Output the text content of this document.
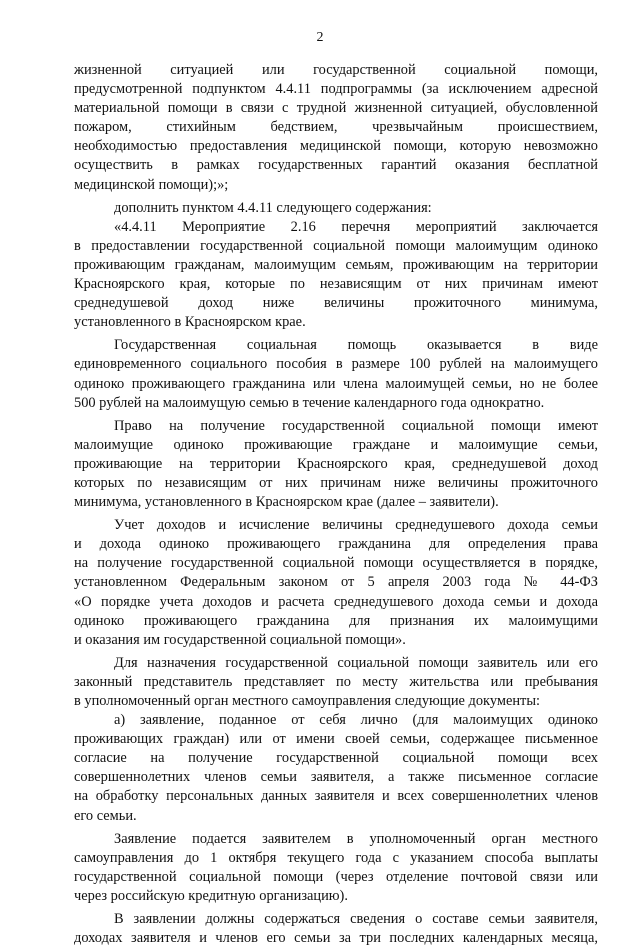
2
жизненной ситуацией или государственной социальной помощи,
предусмотренной подпунктом 4.4.11 подпрограммы (за исключением адресной
материальной помощи в связи с трудной жизненной ситуацией, обусловленной
пожаром, стихийным бедствием, чрезвычайным происшествием,
необходимостью предоставления медицинской помощи, которую невозможно
осуществить в рамках государственных гарантий оказания бесплатной
медицинской помощи);»;
дополнить пунктом 4.4.11 следующего содержания:
«4.4.11 Мероприятие 2.16 перечня мероприятий заключается
в предоставлении государственной социальной помощи малоимущим одиноко
проживающим гражданам, малоимущим семьям, проживающим на территории
Красноярского края, которые по независящим от них причинам имеют
среднедушевой доход ниже величины прожиточного минимума,
установленного в Красноярском крае.
Государственная социальная помощь оказывается в виде
единовременного социального пособия в размере 100 рублей на малоимущего
одиноко проживающего гражданина или члена малоимущей семьи, но не более
500 рублей на малоимущую семью в течение календарного года однократно.
Право на получение государственной социальной помощи имеют
малоимущие одиноко проживающие граждане и малоимущие семьи,
проживающие на территории Красноярского края, среднедушевой доход
которых по независящим от них причинам ниже величины прожиточного
минимума, установленного в Красноярском крае (далее – заявители).
Учет доходов и исчисление величины среднедушевого дохода семьи
и дохода одиноко проживающего гражданина для определения права
на получение государственной социальной помощи осуществляется в порядке,
установленном Федеральным законом от 5 апреля 2003 года № 44-ФЗ
«О порядке учета доходов и расчета среднедушевого дохода семьи и дохода
одиноко проживающего гражданина для признания их малоимущими
и оказания им государственной социальной помощи».
Для назначения государственной социальной помощи заявитель или его
законный представитель представляет по месту жительства или пребывания
в уполномоченный орган местного самоуправления следующие документы:
а) заявление, поданное от себя лично (для малоимущих одиноко
проживающих граждан) или от имени своей семьи, содержащее письменное
согласие на получение государственной социальной помощи всех
совершеннолетних членов семьи заявителя, а также письменное согласие
на обработку персональных данных заявителя и всех совершеннолетних членов
его семьи.
Заявление подается заявителем в уполномоченный орган местного
самоуправления до 1 октября текущего года с указанием способа выплаты
государственной социальной помощи (через отделение почтовой связи или
через российскую кредитную организацию).
В заявлении должны содержаться сведения о составе семьи заявителя,
доходах заявителя и членов его семьи за три последних календарных месяца,
